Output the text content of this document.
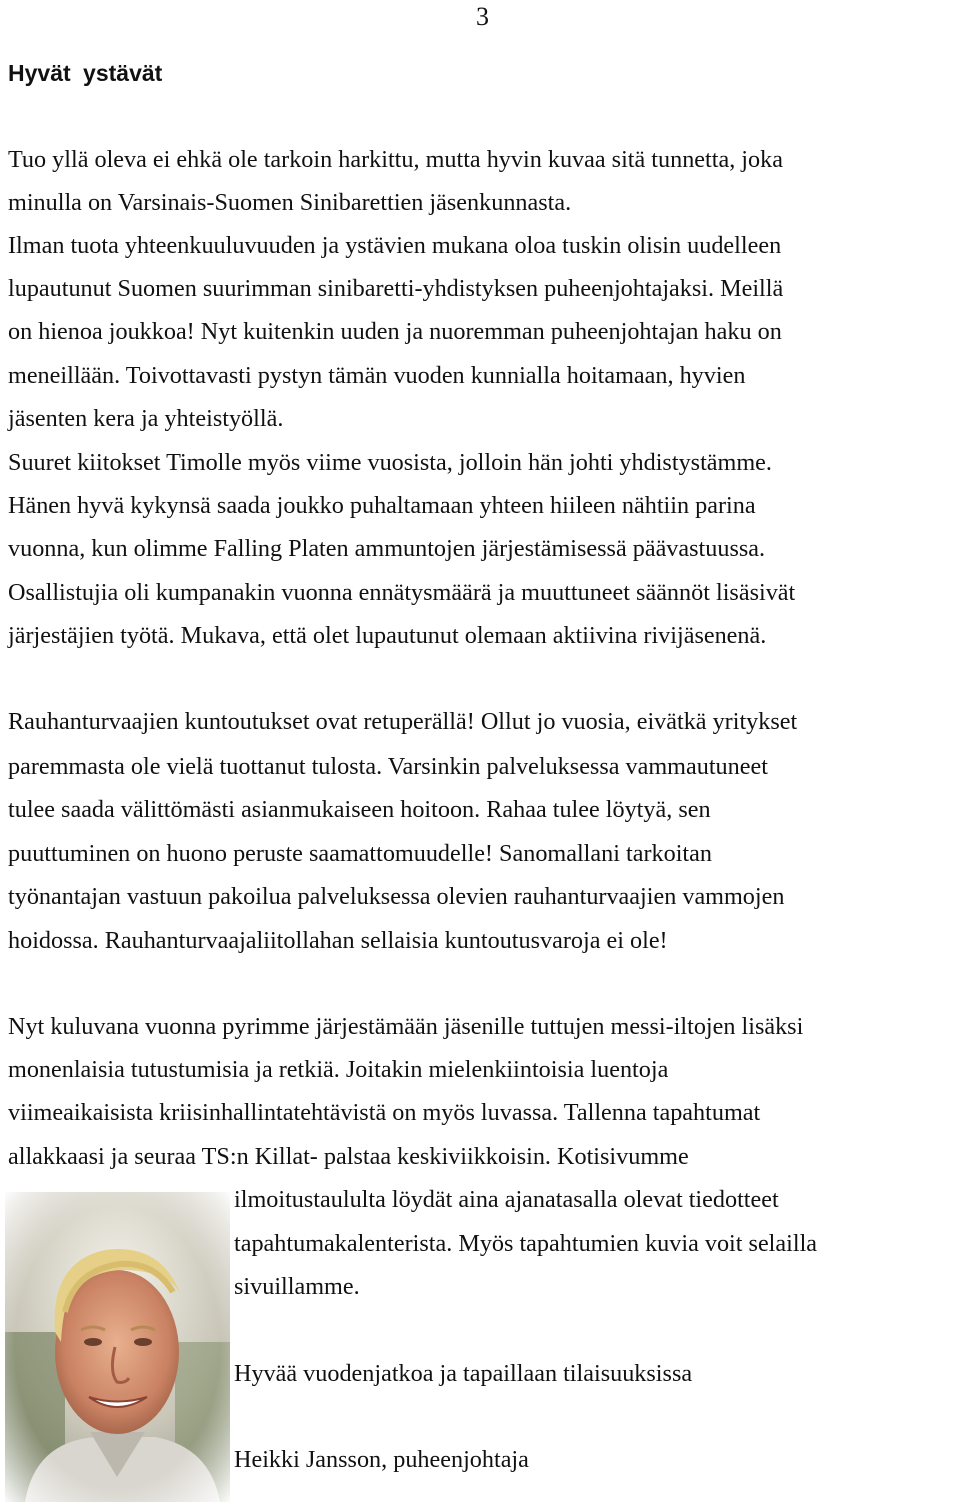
3
Hyvät ystävät
Tuo yllä oleva ei ehkä ole tarkoin harkittu, mutta hyvin kuvaa sitä tunnetta, joka
minulla on Varsinais-Suomen Sinibarettien jäsenkunnasta.
Ilman tuota yhteenkuuluvuuden ja ystävien mukana oloa tuskin olisin uudelleen
lupautunut Suomen suurimman sinibaretti-yhdistyksen puheenjohtajaksi. Meillä
on hienoa joukkoa! Nyt kuitenkin uuden ja nuoremman puheenjohtajan haku on
meneillään. Toivottavasti pystyn tämän vuoden kunnialla hoitamaan, hyvien
jäsenten kera ja yhteistyöllä.
Suuret kiitokset Timolle myös viime vuosista, jolloin hän johti yhdistystämme.
Hänen hyvä kykynsä saada joukko puhaltamaan yhteen hiileen nähtiin parina
vuonna, kun olimme Falling Platen ammuntojen järjestämisessä päävastuussa.
Osallistujia oli kumpanakin vuonna ennätysmäärä ja muuttuneet säännöt lisäsivät
järjestäjien työtä. Mukava, että olet lupautunut olemaan aktiivina rivijäsenenä.
Rauhanturvaajien kuntoutukset ovat retuperällä! Ollut jo vuosia, eivätkä yritykset
paremmasta ole vielä tuottanut tulosta. Varsinkin palveluksessa vammautuneet
tulee saada välittömästi asianmukaiseen hoitoon. Rahaa tulee löytyä, sen
puuttuminen on huono peruste saamattomuudelle! Sanomallani tarkoitan
työnantajan vastuun pakoilua palveluksessa olevien rauhanturvaajien vammojen
hoidossa. Rauhanturvaajaliitollahan sellaisia kuntoutusvaroja ei ole!
Nyt kuluvana vuonna pyrimme järjestämään jäsenille tuttujen messi-iltojen lisäksi
monenlaisia tutustumisia ja retkiä. Joitakin mielenkiintoisia luentoja
viimeaikaisista kriisinhallintatehtävistä on myös luvassa. Tallenna tapahtumat
allakkaasi ja seuraa TS:n Killat- palstaa keskiviikkoisin. Kotisivumme
ilmoitustaululta löydät aina ajanatasalla olevat tiedotteet
tapahtumakalenterista. Myös tapahtumien kuvia voit selailla
sivuillamme.
Hyvää vuodenjatkoa ja tapaillaan tilaisuuksissa
Heikki Jansson, puheenjohtaja
